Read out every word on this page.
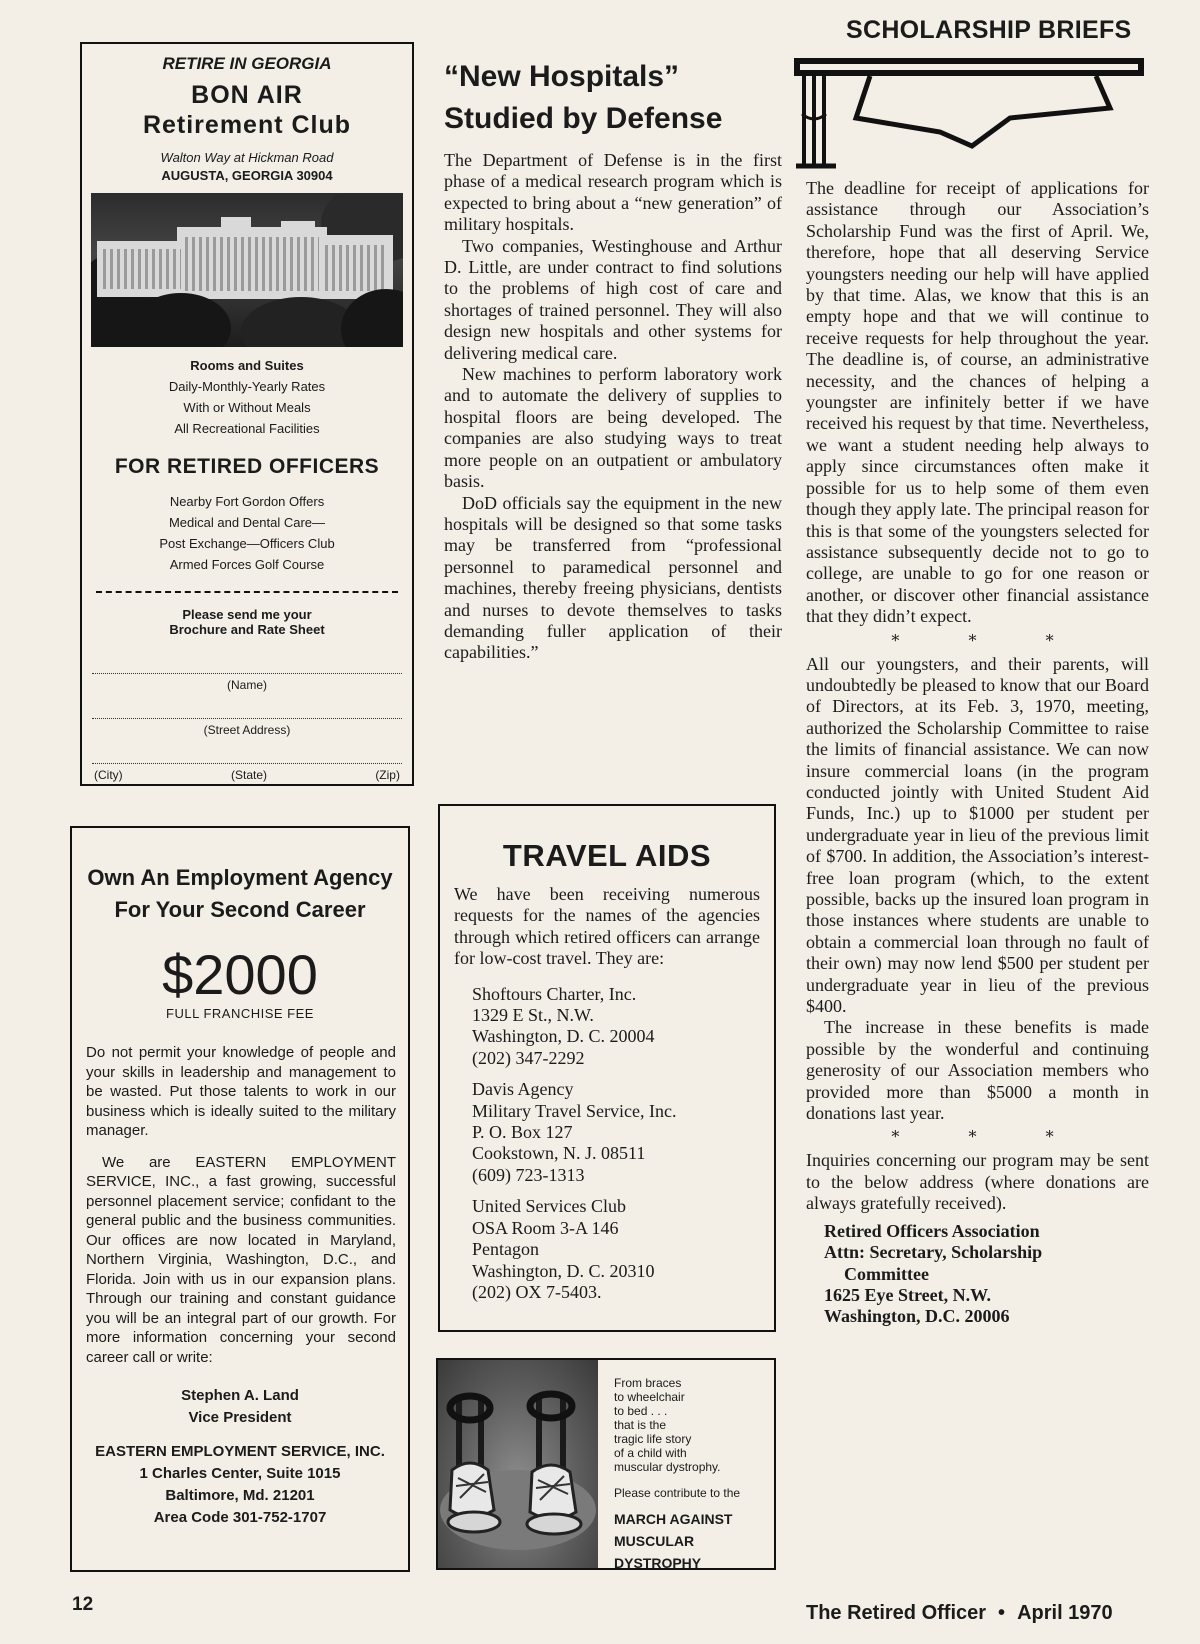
RETIRE IN GEORGIA
BON AIR
Retirement Club
Walton Way at Hickman Road
AUGUSTA, GEORGIA 30904
Rooms and Suites
Daily-Monthly-Yearly Rates
With or Without Meals
All Recreational Facilities
FOR RETIRED OFFICERS
Nearby Fort Gordon Offers
Medical and Dental Care—
Post Exchange—Officers Club
Armed Forces Golf Course
Please send me your
Brochure and Rate Sheet
(Name)
(Street Address)
(City)	(State)	(Zip)
Own An Employment Agency
For Your Second Career
$2000
FULL FRANCHISE FEE

Do not permit your knowledge of people and your skills in leadership and management to be wasted. Put those talents to work in our business which is ideally suited to the military manager.

We are EASTERN EMPLOYMENT SERVICE, INC., a fast growing, successful personnel placement service; confidant to the general public and the business communities. Our offices are now located in Maryland, Northern Virginia, Washington, D.C., and Florida. Join with us in our expansion plans. Through our training and constant guidance you will be an integral part of our growth. For more information concerning your second career call or write:

Stephen A. Land
Vice President
EASTERN EMPLOYMENT SERVICE, INC.
1 Charles Center, Suite 1015
Baltimore, Md. 21201
Area Code 301-752-1707
“New Hospitals”
Studied by Defense

The Department of Defense is in the first phase of a medical research program which is expected to bring about a “new generation” of military hospitals.

Two companies, Westinghouse and Arthur D. Little, are under contract to find solutions to the problems of high cost of care and shortages of trained personnel. They will also design new hospitals and other systems for delivering medical care.

New machines to perform laboratory work and to automate the delivery of supplies to hospital floors are being developed. The companies are also studying ways to treat more people on an outpatient or ambulatory basis.

DoD officials say the equipment in the new hospitals will be designed so that some tasks may be transferred from “professional personnel to paramedical personnel and machines, thereby freeing physicians, dentists and nurses to devote themselves to tasks demanding fuller application of their capabilities.”

TRAVEL AIDS

We have been receiving numerous requests for the names of the agencies through which retired officers can arrange for low-cost travel. They are:

Shoftours Charter, Inc.
1329 E St., N.W.
Washington, D. C. 20004
(202) 347-2292
Davis Agency
Military Travel Service, Inc.
P. O. Box 127
Cookstown, N. J. 08511
(609) 723-1313
United Services Club
OSA Room 3-A 146
Pentagon
Washington, D. C. 20310
(202) OX 7-5403.
From braces
to wheelchair
to bed . . .
that is the
tragic life story
of a child with
muscular dystrophy.
Please contribute to the
MARCH AGAINST
MUSCULAR DYSTROPHY
SCHOLARSHIP BRIEFS

The deadline for receipt of applications for assistance through our Association’s Scholarship Fund was the first of April. We, therefore, hope that all deserving Service youngsters needing our help will have applied by that time. Alas, we know that this is an empty hope and that we will continue to receive requests for help throughout the year. The deadline is, of course, an administrative necessity, and the chances of helping a youngster are infinitely better if we have received his request by that time. Nevertheless, we want a student needing help always to apply since circumstances often make it possible for us to help some of them even though they apply late. The principal reason for this is that some of the youngsters selected for assistance subsequently decide not to go to college, are unable to go for one reason or another, or discover other financial assistance that they didn’t expect.

* * *

All our youngsters, and their parents, will undoubtedly be pleased to know that our Board of Directors, at its Feb. 3, 1970, meeting, authorized the Scholarship Committee to raise the limits of financial assistance. We can now insure commercial loans (in the program conducted jointly with United Student Aid Funds, Inc.) up to $1000 per student per undergraduate year in lieu of the previous limit of $700. In addition, the Association’s interest-free loan program (which, to the extent possible, backs up the insured loan program in those instances where students are unable to obtain a commercial loan through no fault of their own) may now lend $500 per student per undergraduate year in lieu of the previous $400.

The increase in these benefits is made possible by the wonderful and continuing generosity of our Association members who provided more than $5000 a month in donations last year.

* * *

Inquiries concerning our program may be sent to the below address (where donations are always gratefully received).

Retired Officers Association
Attn: Secretary, Scholarship
Committee
1625 Eye Street, N.W.
Washington, D.C. 20006
12	The Retired Officer • April 1970
